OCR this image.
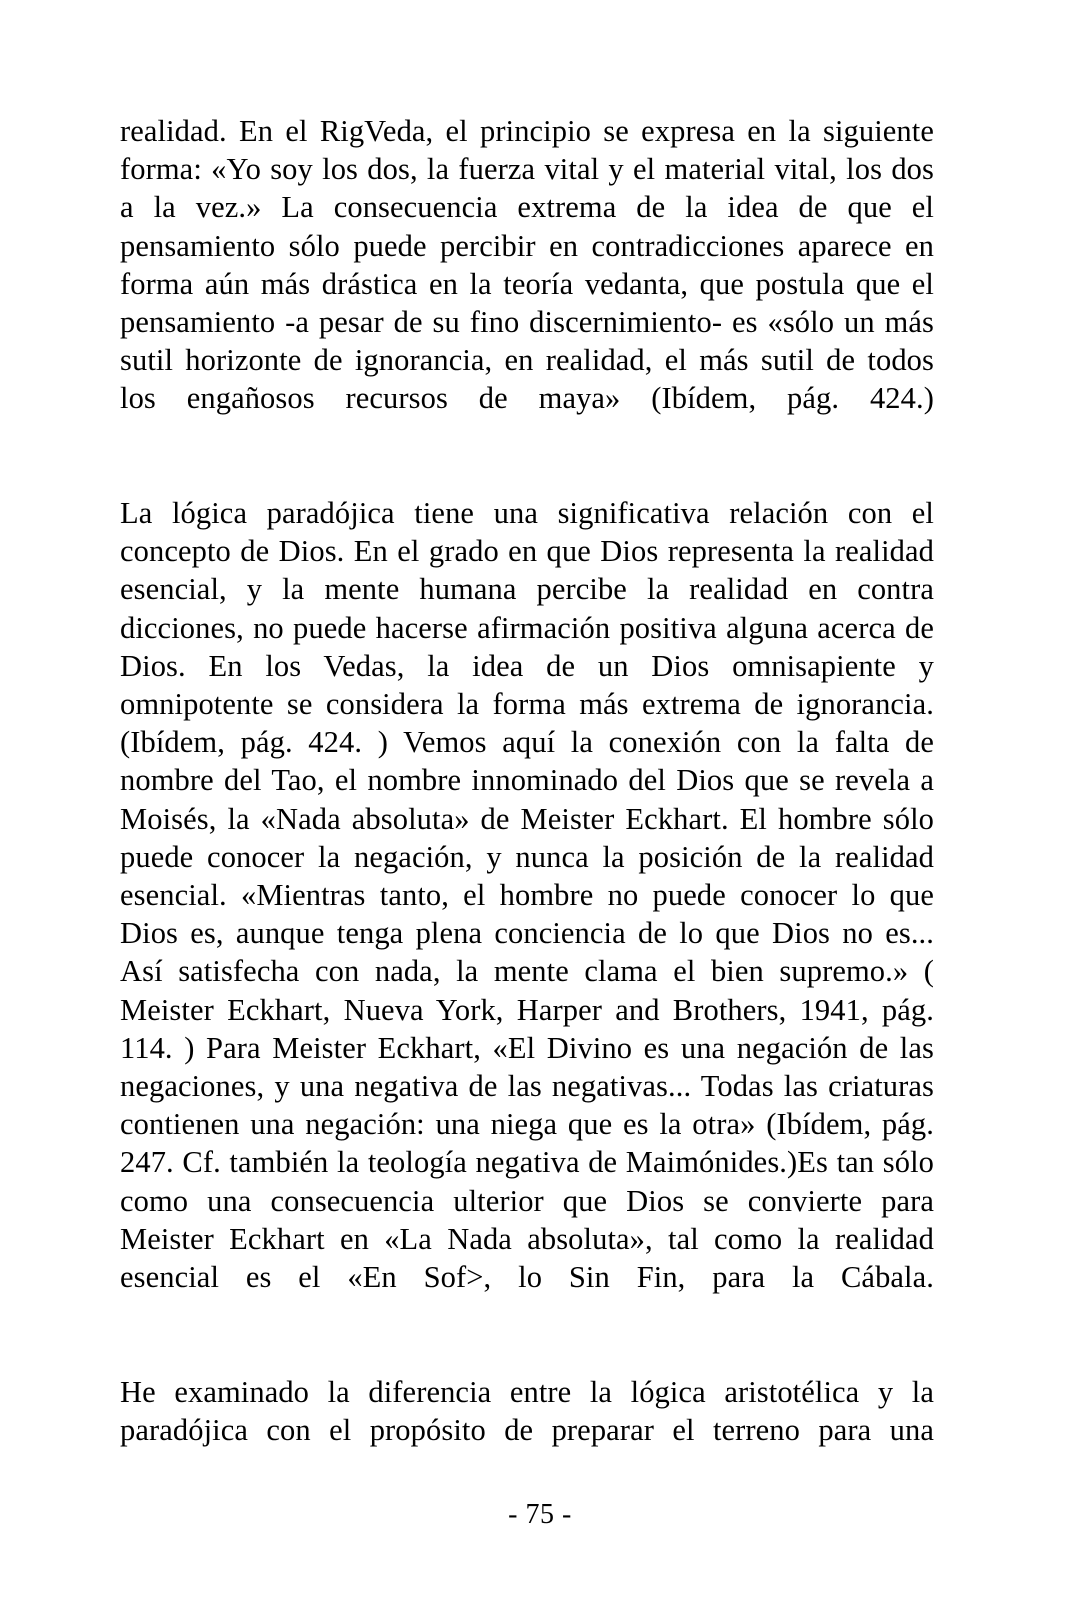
realidad. En el RigVeda, el principio se expresa en la siguiente forma: «Yo soy los dos, la fuerza vital y el material vital, los dos a la vez.» La consecuencia extrema de la idea de que el pensamiento sólo puede percibir en contradicciones aparece en forma aún más drástica en la teoría vedanta, que postula que el pensamiento -a pesar de su fino discernimiento- es «sólo un más sutil horizonte de ignorancia, en realidad, el más sutil de todos los engañosos recursos de maya» (Ibídem, pág. 424.)

La lógica paradójica tiene una significativa relación con el concepto de Dios. En el grado en que Dios representa la realidad esencial, y la mente humana percibe la realidad en contra dicciones, no puede hacerse afirmación positiva alguna acerca de Dios. En los Vedas, la idea de un Dios omnisapiente y omnipotente se considera la forma más extrema de ignorancia. (Ibídem, pág. 424. ) Vemos aquí la conexión con la falta de nombre del Tao, el nombre innominado del Dios que se revela a Moisés, la «Nada absoluta» de Meister Eckhart. El hombre sólo puede conocer la negación, y nunca la posición de la realidad esencial. «Mientras tanto, el hombre no puede conocer lo que Dios es, aunque tenga plena conciencia de lo que Dios no es... Así satisfecha con nada, la mente clama el bien supremo.» ( Meister Eckhart, Nueva York, Harper and Brothers, 1941, pág. 114. ) Para Meister Eckhart, «El Divino es una negación de las negaciones, y una negativa de las negativas... Todas las criaturas contienen una negación: una niega que es la otra» (Ibídem, pág. 247. Cf. también la teología negativa de Maimónides.)Es tan sólo como una consecuencia ulterior que Dios se convierte para Meister Eckhart en «La Nada absoluta», tal como la realidad esencial es el «En Sof>, lo Sin Fin, para la Cábala.

He examinado la diferencia entre la lógica aristotélica y la paradójica con el propósito de preparar el terreno para una

- 75 -
